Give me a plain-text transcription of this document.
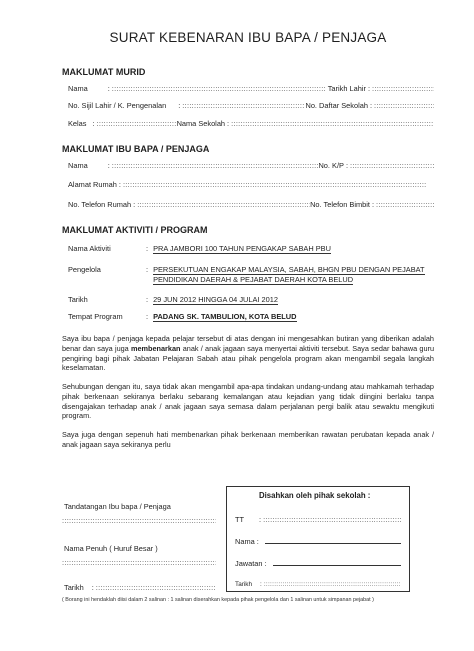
SURAT KEBENARAN IBU BAPA / PENJAGA
MAKLUMAT MURID
Nama	: :::::::::::::::::::::::::::::::::::::::::::::::::::::::::::::::::::::::::::::::::::::::::::::::::::::::::::::::::::::::::::::::::	Tarikh Lahir :
:::::::::::::::::::::::::::::::::::::::::::::::::::::::::::::::::::::::::::::::::::::::::::::::::::::::::::::::::::::::::::::::::
No. Sijil Lahir / K. Pengenalan : :::::::::::::::::::::::::::::::::::::::::::::::::::::::::::::::::::::::::::::::::::::::::::::::::::::::::::::::::::::::::::::::::	No. Daftar Sekolah :
:::::::::::::::::::::::::::::::::::::::::::::::::::::::::::::::::::::::::::::::::::::::::::::::::::::::::::::::::::::::::::::::::
Kelas : :::::::::::::::::::::::::::::::::::::::::::::::::::::::::::::::::::::::::::::::::::::::::::::::::::::::::::::::::::::::::::::::::	Nama Sekolah :
:::::::::::::::::::::::::::::::::::::::::::::::::::::::::::::::::::::::::::::::::::::::::::::::::::::::::::::::::::::::::::::::::
MAKLUMAT IBU BAPA / PENJAGA
Nama	: :::::::::::::::::::::::::::::::::::::::::::::::::::::::::::::::::::::::::::::::::::::::::::::::::::::::::::::::::::::::::::::::::	No. K/P :
:::::::::::::::::::::::::::::::::::::::::::::::::::::::::::::::::::::::::::::::::::::::::::::::::::::::::::::::::::::::::::::::::
Alamat Rumah :
:::::::::::::::::::::::::::::::::::::::::::::::::::::::::::::::::::::::::::::::::::::::::::::::::::::::::::::::::::::::::::::::::
No. Telefon Rumah : :::::::::::::::::::::::::::::::::::::::::::::::::::::::::::::::::::::::::::::::::::::::::::::::::::::::::::::::::::::::::::::::::	No. Telefon Bimbit :
:::::::::::::::::::::::::::::::::::::::::::::::::::::::::::::::::::::::::::::::::::::::::::::::::::::::::::::::::::::::::::::::::
MAKLUMAT AKTIVITI / PROGRAM
Nama Aktiviti	: PRA JAMBORI 100 TAHUN PENGAKAP SABAH PBU
Pengelola	: PERSEKUTUAN ENGAKAP MALAYSIA, SABAH, BHGN PBU DENGAN PEJABAT PENDIDIKAN DAERAH & PEJABAT DAERAH KOTA BELUD
Tarikh	: 29 JUN 2012 HINGGA 04 JULAI 2012
Tempat Program	: PADANG SK. TAMBULION, KOTA BELUD
Saya ibu bapa / penjaga kepada pelajar tersebut di atas dengan ini mengesahkan butiran yang diberikan adalah benar dan saya juga membenarkan anak / anak jagaan saya menyertai aktiviti tersebut. Saya sedar bahawa guru pengiring bagi pihak Jabatan Pelajaran Sabah atau pihak pengelola program akan mengambil segala langkah keselamatan.
Sehubungan dengan itu, saya tidak akan mengambil apa-apa tindakan undang-undang atau mahkamah terhadap pihak berkenaan sekiranya berlaku sebarang kemalangan atau kejadian yang tidak diingini berlaku tanpa disengajakan terhadap anak / anak jagaan saya semasa dalam perjalanan pergi balik atau sewaktu mengikuti program.
Saya juga dengan sepenuh hati membenarkan pihak berkenaan memberikan rawatan perubatan kepada anak / anak jagaan saya sekiranya perlu
Tandatangan Ibu bapa / Penjaga
:::::::::::::::::::::::::::::::::::::::::::::::::::::::::::::::::::::::::::::::::::::::::::::::::::::::::::::::::::::::::::::::::
Nama Penuh ( Huruf Besar )
:::::::::::::::::::::::::::::::::::::::::::::::::::::::::::::::::::::::::::::::::::::::::::::::::::::::::::::::::::::::::::::::::
Tarikh :
:::::::::::::::::::::::::::::::::::::::::::::::::::::::::::::::::::::::::::::::::::::::::::::::::::::::::::::::::::::::::::::::::
Disahkan oleh pihak sekolah :
TT	:
:::::::::::::::::::::::::::::::::::::::::::::::::::::::::::::::::::::::::::::::::::::::::::::::::::::::::::::::::::::::::::::::::
Nama :
Jawatan :
Tarikh	:
:::::::::::::::::::::::::::::::::::::::::::::::::::::::::::::::::::::::::::::::::::::::::::::::::::::::::::::::::::::::::::::::::
( Borang ini hendaklah diisi dalam 2 salinan : 1 salinan diserahkan kepada pihak pengelola dan 1 salinan untuk simpanan pejabat )
